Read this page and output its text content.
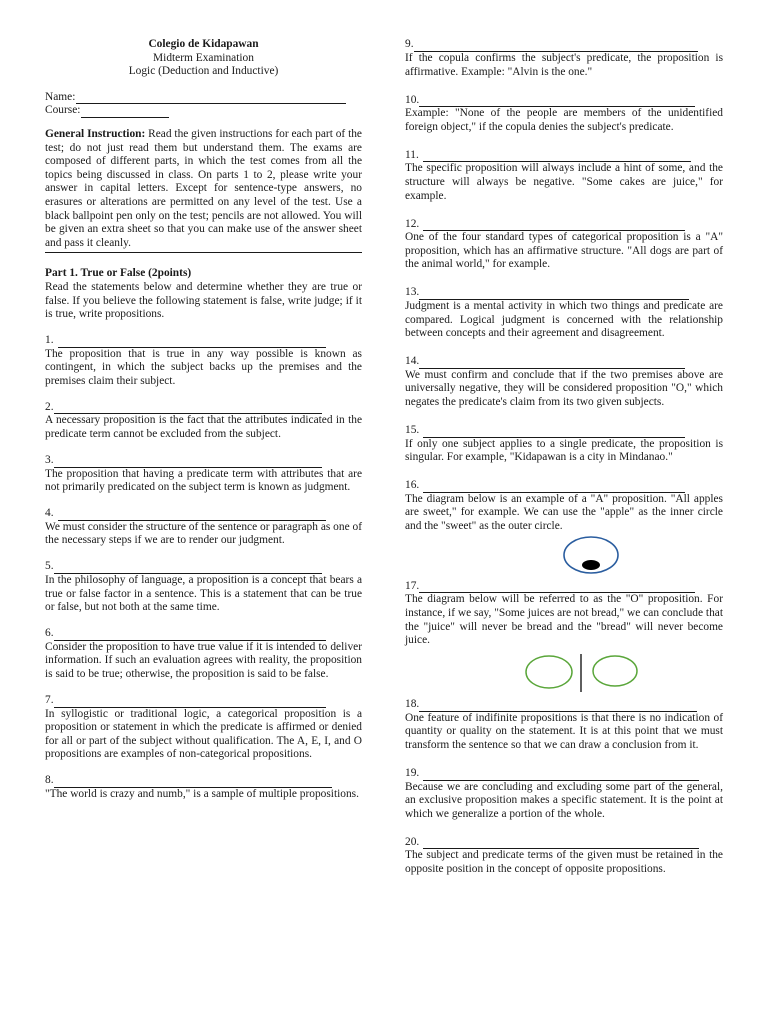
Colegio de Kidapawan
Midterm Examination
Logic (Deduction and Inductive)
Name:
Course:
General Instruction: Read the given instructions for each part of the test; do not just read them but understand them. The exams are composed of different parts, in which the test comes from all the topics being discussed in class. On parts 1 to 2, please write your answer in capital letters. Except for sentence-type answers, no erasures or alterations are permitted on any level of the test. Use a black ballpoint pen only on the test; pencils are not allowed. You will be given an extra sheet so that you can make use of the answer sheet and pass it cleanly.
Part 1. True or False (2points)
Read the statements below and determine whether they are true or false. If you believe the following statement is false, write judge; if it is true, write propositions.
1.
The proposition that is true in any way possible is known as contingent, in which the subject backs up the premises and the premises claim their subject.
2.
A necessary proposition is the fact that the attributes indicated in the predicate term cannot be excluded from the subject.
3.
The proposition that having a predicate term with attributes that are not primarily predicated on the subject term is known as judgment.
4.
We must consider the structure of the sentence or paragraph as one of the necessary steps if we are to render our judgment.
5.
In the philosophy of language, a proposition is a concept that bears a true or false factor in a sentence. This is a statement that can be true or false, but not both at the same time.
6.
Consider the proposition to have true value if it is intended to deliver information. If such an evaluation agrees with reality, the proposition is said to be true; otherwise, the proposition is said to be false.
7.
In syllogistic or traditional logic, a categorical proposition is a proposition or statement in which the predicate is affirmed or denied for all or part of the subject without qualification. The A, E, I, and O propositions are examples of non-categorical propositions.
8.
"The world is crazy and numb," is a sample of multiple propositions.
9.
If the copula confirms the subject's predicate, the proposition is affirmative. Example: "Alvin is the one."
10.
Example: "None of the people are members of the unidentified foreign object," if the copula denies the subject's predicate.
11.
The specific proposition will always include a hint of some, and the structure will always be negative. "Some cakes are juice," for example.
12.
One of the four standard types of categorical proposition is a "A" proposition, which has an affirmative structure. "All dogs are part of the animal world," for example.
13.
Judgment is a mental activity in which two things and predicate are compared. Logical judgment is concerned with the relationship between concepts and their agreement and disagreement.
14.
We must confirm and conclude that if the two premises above are universally negative, they will be considered proposition "O," which negates the predicate's claim from its two given subjects.
15.
If only one subject applies to a single predicate, the proposition is singular. For example, "Kidapawan is a city in Mindanao."
16.
The diagram below is an example of a "A" proposition. "All apples are sweet," for example. We can use the "apple" as the inner circle and the "sweet" as the outer circle.
17.
The diagram below will be referred to as the "O" proposition. For instance, if we say, "Some juices are not bread," we can conclude that the "juice" will never be bread and the "bread" will never become juice.
18.
One feature of indifinite propositions is that there is no indication of quantity or quality on the statement. It is at this point that we must transform the sentence so that we can draw a conclusion from it.
19.
Because we are concluding and excluding some part of the general, an exclusive proposition makes a specific statement. It is the point at which we generalize a portion of the whole.
20.
The subject and predicate terms of the given must be retained in the opposite position in the concept of opposite propositions.
